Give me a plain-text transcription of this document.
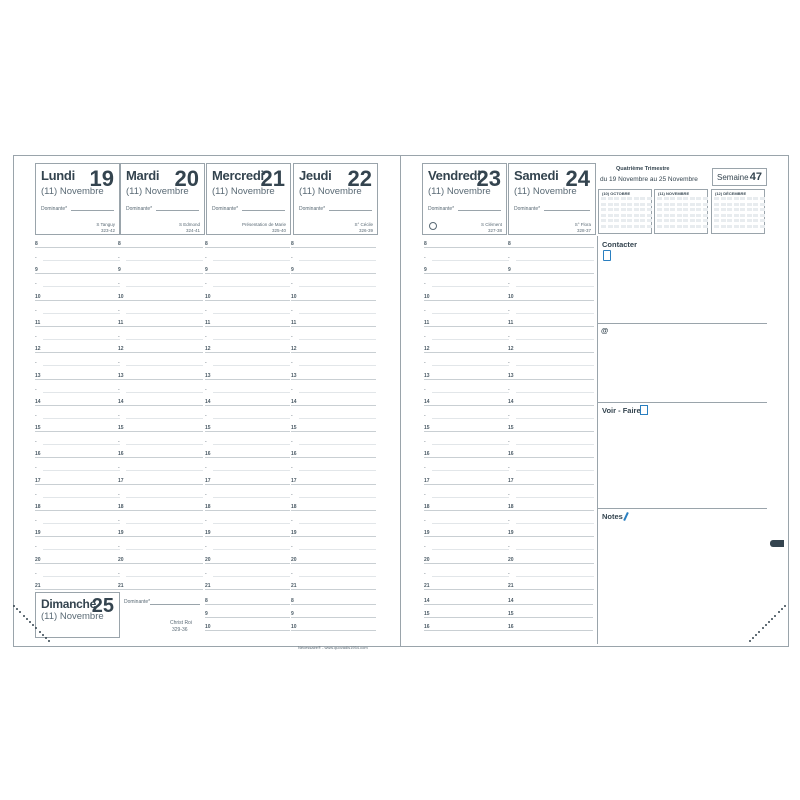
Lundi 19
(11) Novembre
Dominante*
S Tanguy
323-42
Mardi 20
(11) Novembre
Dominante*
S Edmond
324-41
Mercredi
21
(11) Novembre
Dominante*
Présentation de Marie
325-40
Jeudi 22
(11) Novembre
Dominante*
S° Cécile
326-39
Vendredi
23
(11) Novembre
Dominante*
S Clément
327-38
Samedi 24
(11) Novembre
Dominante*
S° Flora
328-37
8
-
9
-
10
-
11
-
12
-
13
-
14
-
15
-
16
-
17
-
18
-
19
-
20
-
21
8
-
9
-
10
-
11
-
12
-
13
-
14
-
15
-
16
-
17
-
18
-
19
-
20
-
21
8
-
9
-
10
-
11
-
12
-
13
-
14
-
15
-
16
-
17
-
18
-
19
-
20
-
21
8
-
9
-
10
-
11
-
12
-
13
-
14
-
15
-
16
-
17
-
18
-
19
-
20
-
21
8
-
9
-
10
-
11
-
12
-
13
-
14
-
15
-
16
-
17
-
18
-
19
-
20
-
21
8
-
9
-
10
-
11
-
12
-
13
-
14
-
15
-
16
-
17
-
18
-
19
-
20
-
21
Dimanche
25
(11) Novembre
Dominante*
Christ Roi
329-36
8
9
10
8
9
10
14
15
16
14
15
16
Nécessaire® - www.quovadis1954.com
Quatrième Trimestre
du 19 Novembre au 25 Novembre Semaine 47
(10) OCTOBRE	(11) NOVEMBRE	(12) DÉCEMBRE
Contacter
@
Voir - Faire
Notes
